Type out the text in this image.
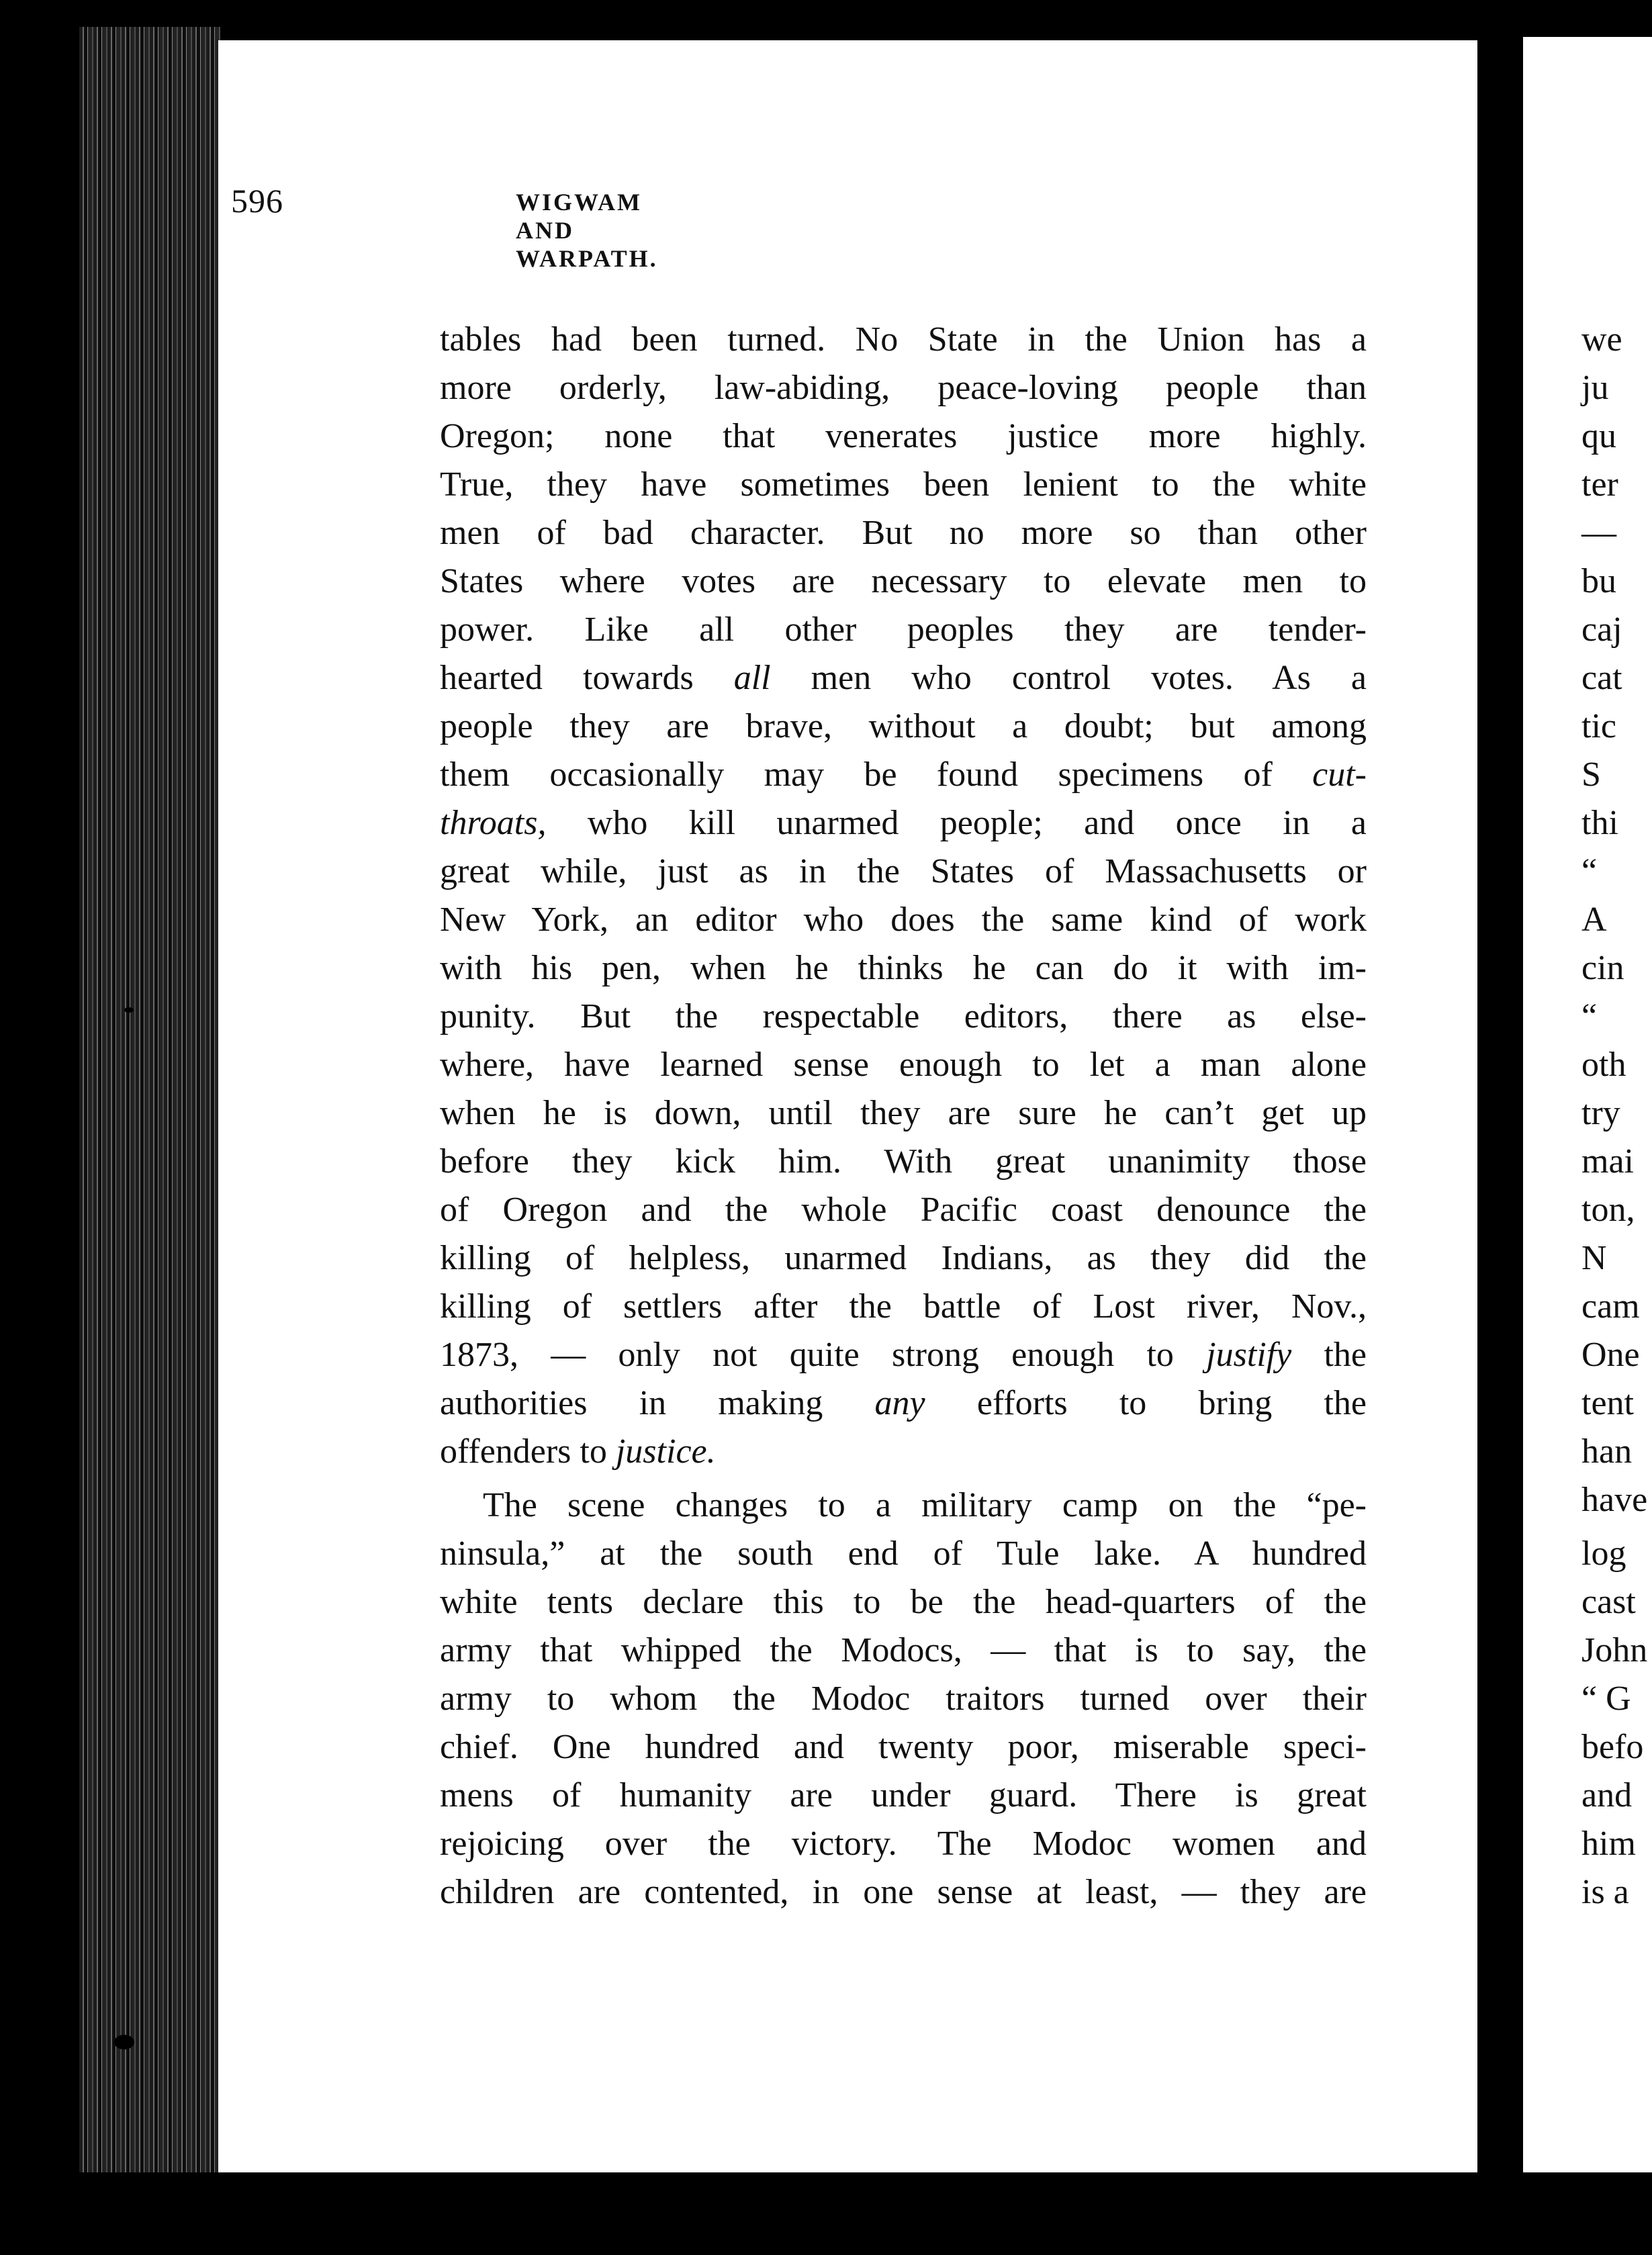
596	WIGWAM AND WARPATH.
tables had been turned. No State in the Union has a
more orderly, law-abiding, peace-loving people than
Oregon; none that venerates justice more highly.
True, they have sometimes been lenient to the white
men of bad character. But no more so than other
States where votes are necessary to elevate men to
power. Like all other peoples they are tender-
hearted towards all men who control votes. As a
people they are brave, without a doubt; but among
them occasionally may be found specimens of cut-
throats, who kill unarmed people; and once in a
great while, just as in the States of Massachusetts or
New York, an editor who does the same kind of work
with his pen, when he thinks he can do it with im-
punity. But the respectable editors, there as else-
where, have learned sense enough to let a man alone
when he is down, until they are sure he can’t get up
before they kick him. With great unanimity those
of Oregon and the whole Pacific coast denounce the
killing of helpless, unarmed Indians, as they did the
killing of settlers after the battle of Lost river, Nov.,
1873, — only not quite strong enough to justify the
authorities in making any efforts to bring the
offenders to justice.
The scene changes to a military camp on the “pe-
ninsula,” at the south end of Tule lake. A hundred
white tents declare this to be the head-quarters of the
army that whipped the Modocs, — that is to say, the
army to whom the Modoc traitors turned over their
chief. One hundred and twenty poor, miserable speci-
mens of humanity are under guard. There is great
rejoicing over the victory. The Modoc women and
children are contented, in one sense at least, — they are
we
ju
qu
ter
—
bu
caj
cat
tic
S
thi
“
A
cin
“
oth
try
mai
ton,
N
cam
One
tent
han
have
log
cast
John
“ G
befo
and
him
is a
